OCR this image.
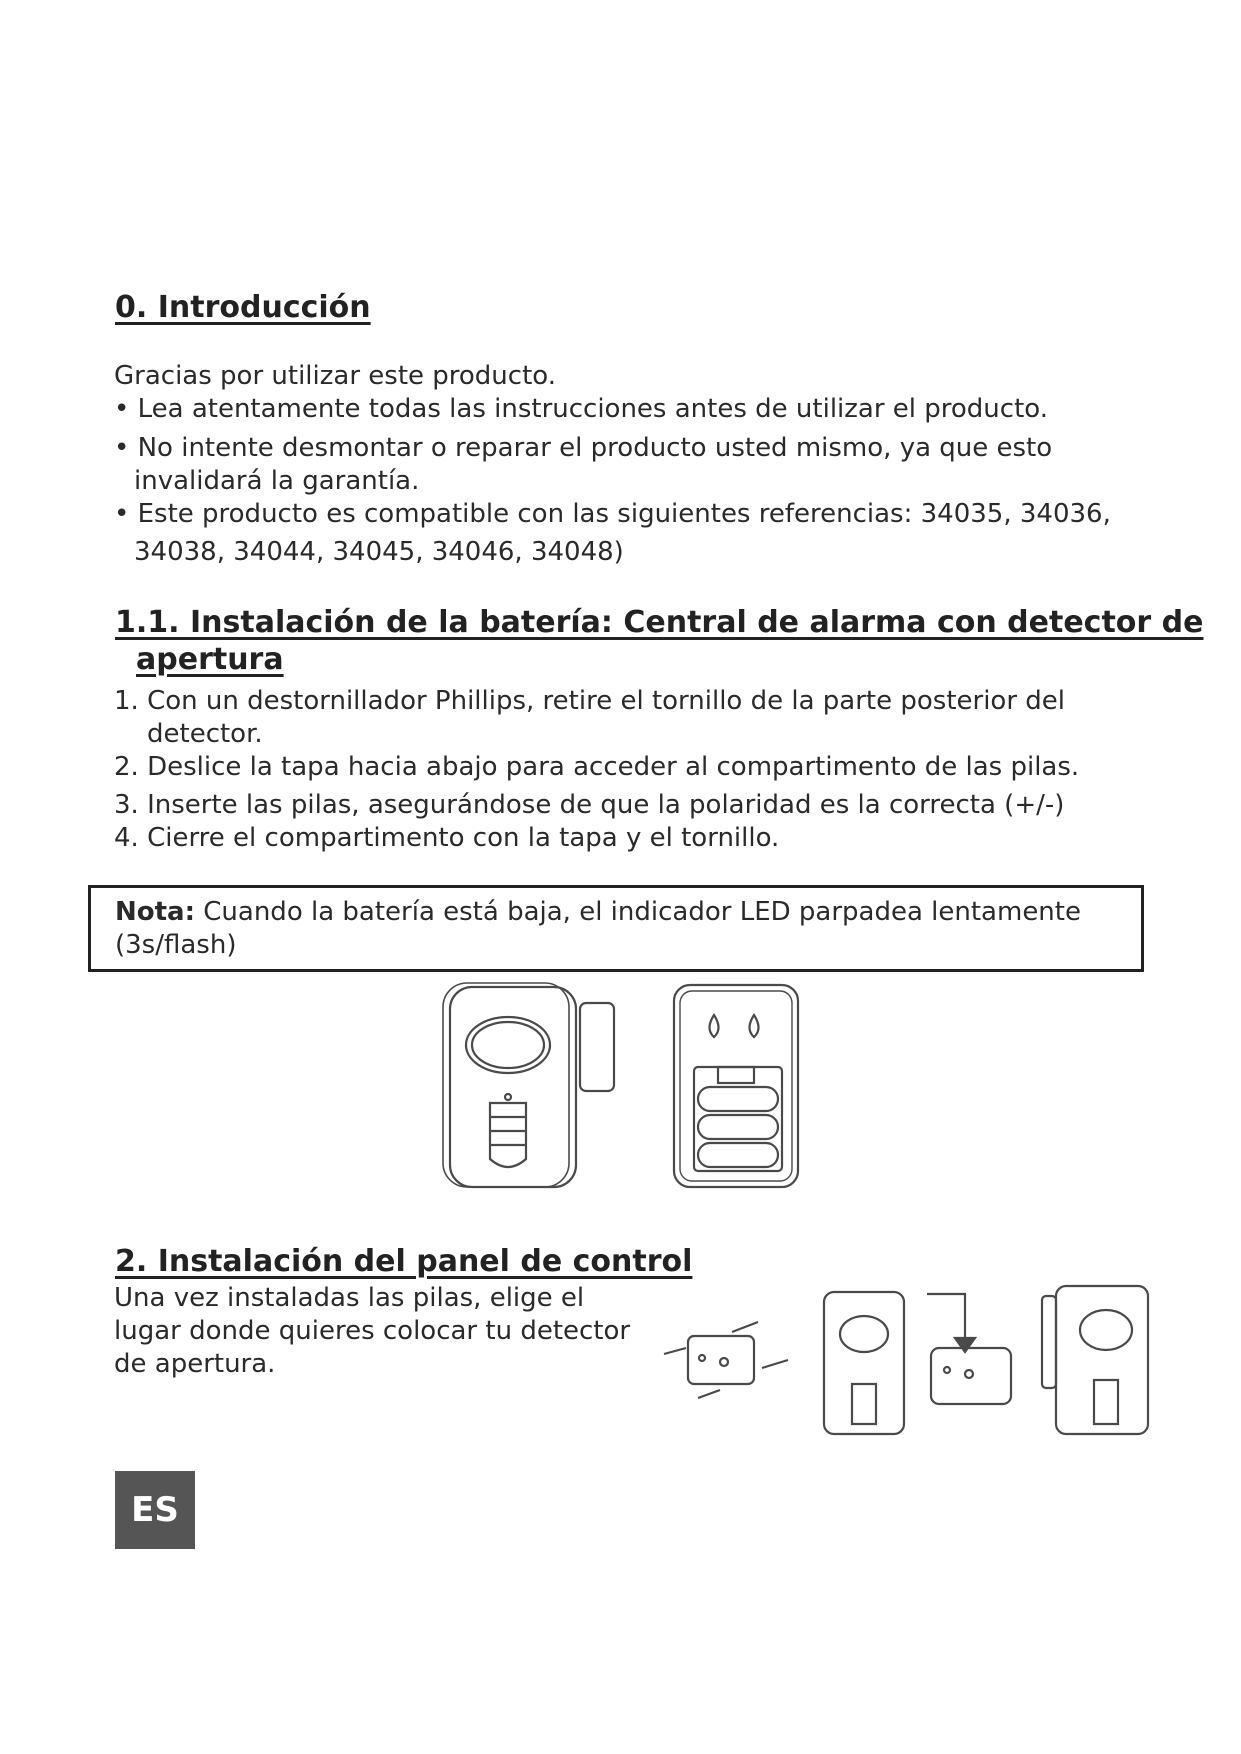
0. Introducción
Gracias por utilizar este producto.
• Lea atentamente todas las instrucciones antes de utilizar el producto.
• No intente desmontar o reparar el producto usted mismo, ya que esto
invalidará la garantía.
• Este producto es compatible con las siguientes referencias: 34035, 34036,
34038, 34044, 34045, 34046, 34048)
1.1. Instalación de la batería: Central de alarma con detector de
apertura
1. Con un destornillador Phillips, retire el tornillo de la parte posterior del
detector.
2. Deslice la tapa hacia abajo para acceder al compartimento de las pilas.
3. Inserte las pilas, asegurándose de que la polaridad es la correcta (+/-)
4. Cierre el compartimento con la tapa y el tornillo.

Nota: Cuando la batería está baja, el indicador LED parpadea lentamente (3s/flash)

2. Instalación del panel de control
Una vez instaladas las pilas, elige el
lugar donde quieres colocar tu detector
de apertura.
ES
